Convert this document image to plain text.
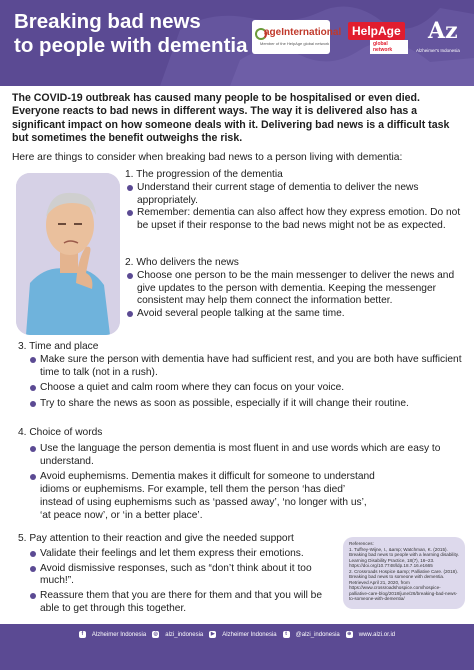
Breaking bad news
to people with dementia
ageInternational
Member of the HelpAge global network
HelpAge
global network
Az
Alzheimer's Indonesia
The COVID-19 outbreak has caused many people to be hospitalised or even died. Everyone reacts to bad news in different ways. The way it is delivered also has a significant impact on how someone deals with it. Delivering bad news is a difficult task but sometimes the benefit outweighs the risk.
Here are things to consider when breaking bad news to a person living with dementia:
1. The progression of the dementia
Understand their current stage of dementia to deliver the news appropriately.
Remember: dementia can also affect how they express emotion. Do not be upset if their response to the bad news might not be as expected.
2. Who delivers the news
Choose one person to be the main messenger to deliver the news and give updates to the person with dementia. Keeping the messenger consistent may help them connect the information better.
Avoid several people talking at the same time.
3. Time and place
Make sure the person with dementia have had sufficient rest, and you are both have sufficient time to talk (not in a rush).
Choose a quiet and calm room where they can focus on your voice.
Try to share the news as soon as possible, especially if it will change their routine.
4. Choice of words
Use the language the person dementia is most fluent in and use words which are easy to understand.
Avoid euphemisms. Dementia makes it difficult for someone to understand idioms or euphemisms. For example, tell them the person ‘has died’ instead of using euphemisms such as ‘passed away’, ‘no longer with us’, ‘at peace now’, or ‘in a better place’.
5. Pay attention to their reaction and give the needed support
Validate their feelings and let them express their emotions.
Avoid dismissive responses, such as “don’t think about it too much!”.
Reassure them that you are there for them and that you will be able to get through this together.

References:

1. Tuffrey-Wijne, I., &amp; Watchman, K. (2015). Breaking bad news to people with a learning disability. Learning Disability Practice, 18(7), 16–23. https://doi.org/10.7748/ldp.18.7.16.e1665

2. Crossroads Hospice &amp; Palliative Care. (2018). Breaking bad news to someone with dementia. Retrieved April 21, 2020, from https://www.crossroadshospice.com/hospice-palliative-care-blog/2018/june/26/breaking-bad-news-to-someone-with-dementia/

f	Alzheimer Indonesia ◎ alzi_indonesia	▶ Alzheimer Indonesia	t	@alzi_indonesia ⊕ www.alzi.or.id
